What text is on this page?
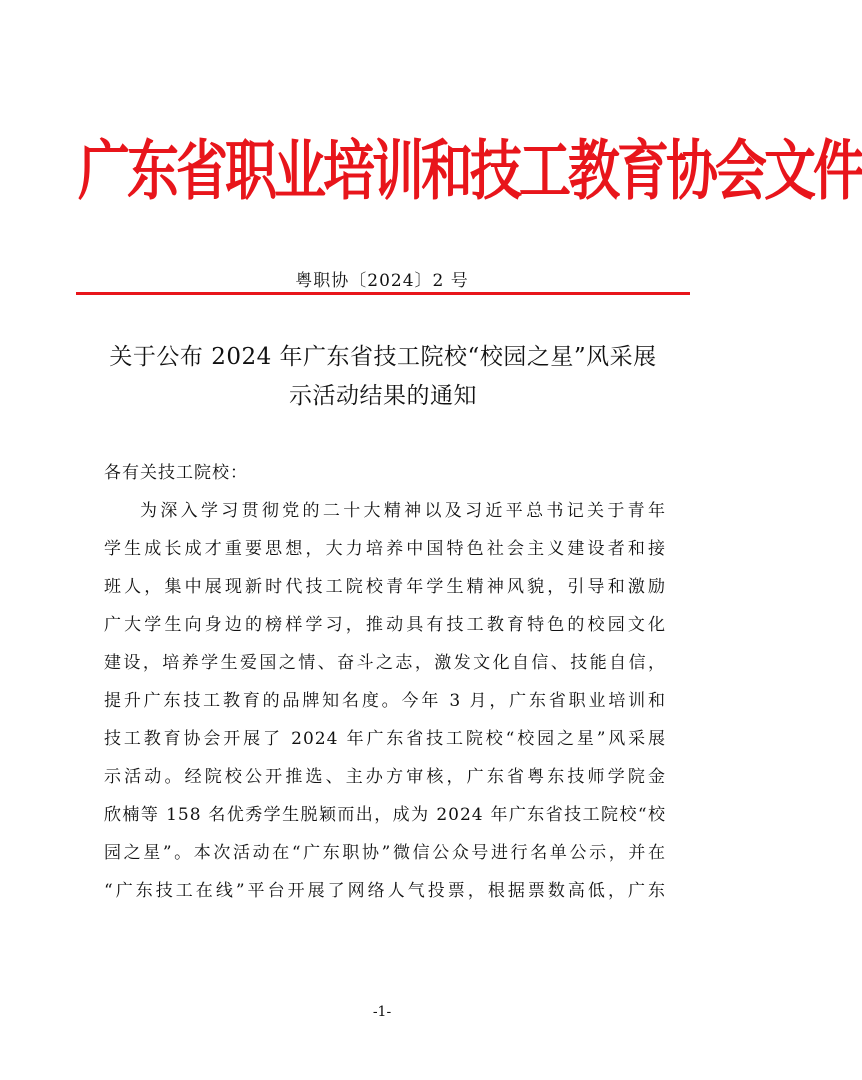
广东省职业培训和技工教育协会文件
粤职协〔2024〕2 号
关于公布 2024 年广东省技工院校“校园之星”风采展
示活动结果的通知
各有关技工院校：
为深入学习贯彻党的二十大精神以及习近平总书记关于青年
学生成长成才重要思想，大力培养中国特色社会主义建设者和接
班人，集中展现新时代技工院校青年学生精神风貌，引导和激励
广大学生向身边的榜样学习，推动具有技工教育特色的校园文化
建设，培养学生爱国之情、奋斗之志，激发文化自信、技能自信，
提升广东技工教育的品牌知名度。今年 3 月，广东省职业培训和
技工教育协会开展了 2024 年广东省技工院校“校园之星”风采展
示活动。经院校公开推选、主办方审核，广东省粤东技师学院金
欣楠等 158 名优秀学生脱颖而出，成为 2024 年广东省技工院校“校
园之星”。本次活动在“广东职协”微信公众号进行名单公示，并在
“广东技工在线”平台开展了网络人气投票，根据票数高低，广东
-1-
